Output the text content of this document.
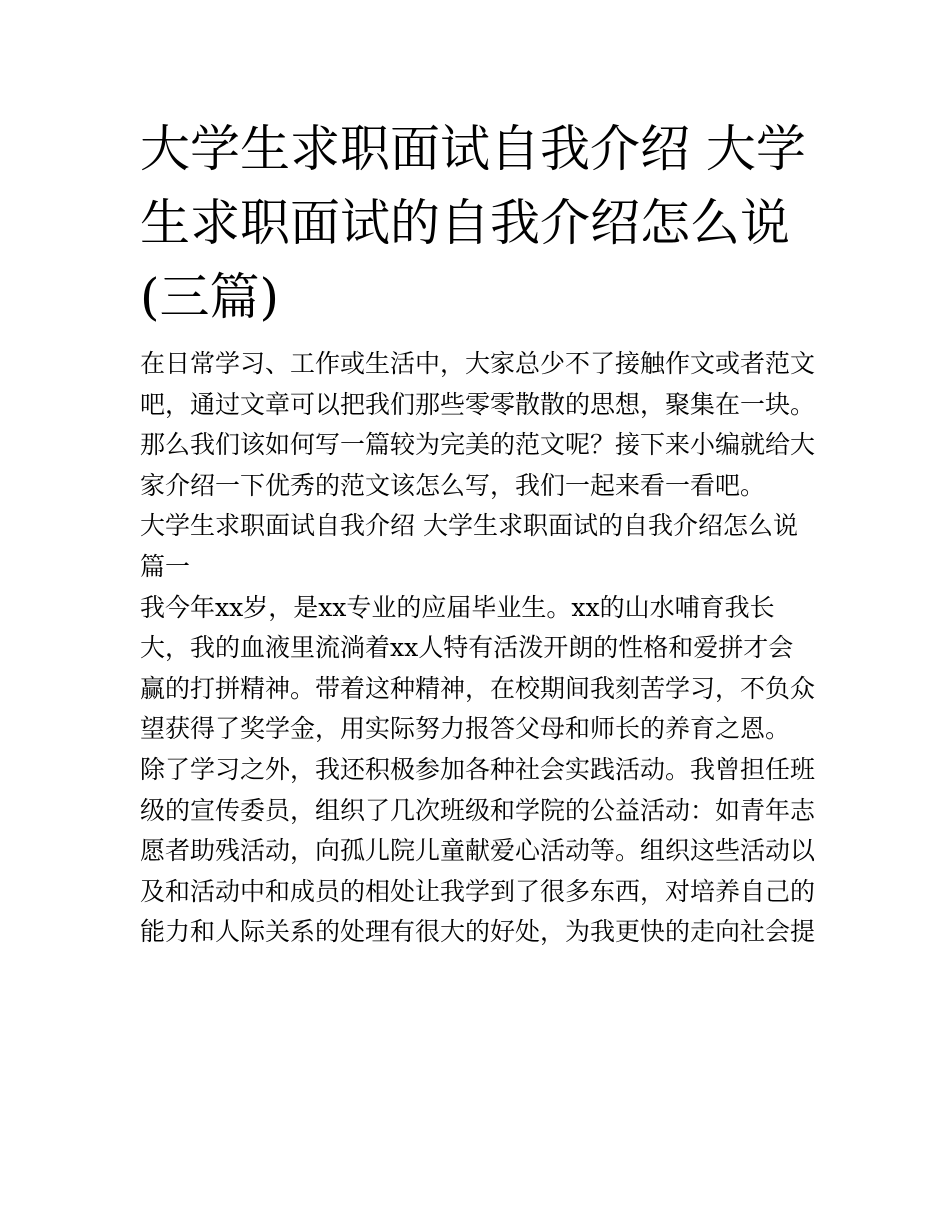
大学生求职面试自我介绍 大学
生求职面试的自我介绍怎么说
(三篇)
在日常学习、工作或生活中，大家总少不了接触作文或者范文
吧，通过文章可以把我们那些零零散散的思想，聚集在一块。
那么我们该如何写一篇较为完美的范文呢？接下来小编就给大
家介绍一下优秀的范文该怎么写，我们一起来看一看吧。
大学生求职面试自我介绍 大学生求职面试的自我介绍怎么说
篇一
我今年xx岁，是xx专业的应届毕业生。xx的山水哺育我长
大，我的血液里流淌着xx人特有活泼开朗的性格和爱拼才会
赢的打拼精神。带着这种精神，在校期间我刻苦学习，不负众
望获得了奖学金，用实际努力报答父母和师长的养育之恩。
除了学习之外，我还积极参加各种社会实践活动。我曾担任班
级的宣传委员，组织了几次班级和学院的公益活动：如青年志
愿者助残活动，向孤儿院儿童献爱心活动等。组织这些活动以
及和活动中和成员的相处让我学到了很多东西，对培养自己的
能力和人际关系的处理有很大的好处，为我更快的走向社会提
